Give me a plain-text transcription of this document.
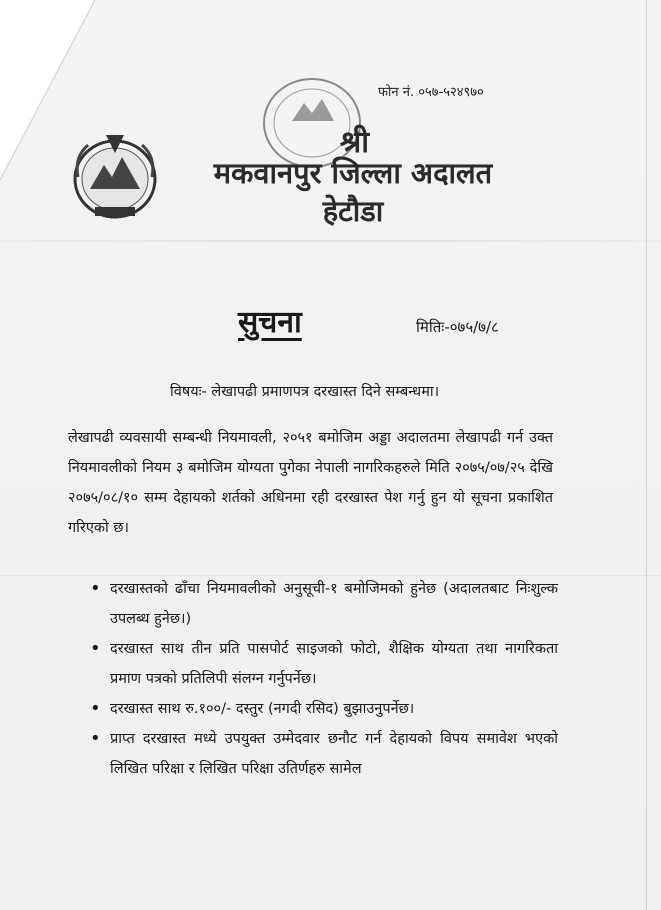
फोन नं. ०५७-५२४९७०
श्री
मकवानपुर जिल्ला अदालत
हेटौडा
सुचना	मितिः-०७५/७/८
विषयः- लेखापढी प्रमाणपत्र दरखास्त दिने सम्बन्धमा।
लेखापढी व्यवसायी सम्बन्धी नियमावली, २०५१ बमोजिम अड्डा अदालतमा लेखापढी गर्न उक्त नियमावलीको नियम ३ बमोजिम योग्यता पुगेका नेपाली नागरिकहरुले मिति २०७५/०७/२५ देखि २०७५/०८/१० सम्म देहायको शर्तको अधिनमा रही दरखास्त पेश गर्नु हुन यो सूचना प्रकाशित गरिएको छ।
• दरखास्तको ढाँचा नियमावलीको अनुसूची-१ बमोजिमको हुनेछ (अदालतबाट निःशुल्क उपलब्ध हुनेछ।)
• दरखास्त साथ तीन प्रति पासपोर्ट साइजको फोटो, शैक्षिक योग्यता तथा नागरिकता प्रमाण पत्रको प्रतिलिपी संलग्न गर्नुपर्नेछ।
• दरखास्त साथ रु.१००/- दस्तुर (नगदी रसिद) बुझाउनुपर्नेछ।
• प्राप्त दरखास्त मध्ये उपयुक्त उम्मेदवार छनौट गर्न देहायको विपय समावेश भएको लिखित परिक्षा र लिखित परिक्षा उतिर्णहरु सामेल
